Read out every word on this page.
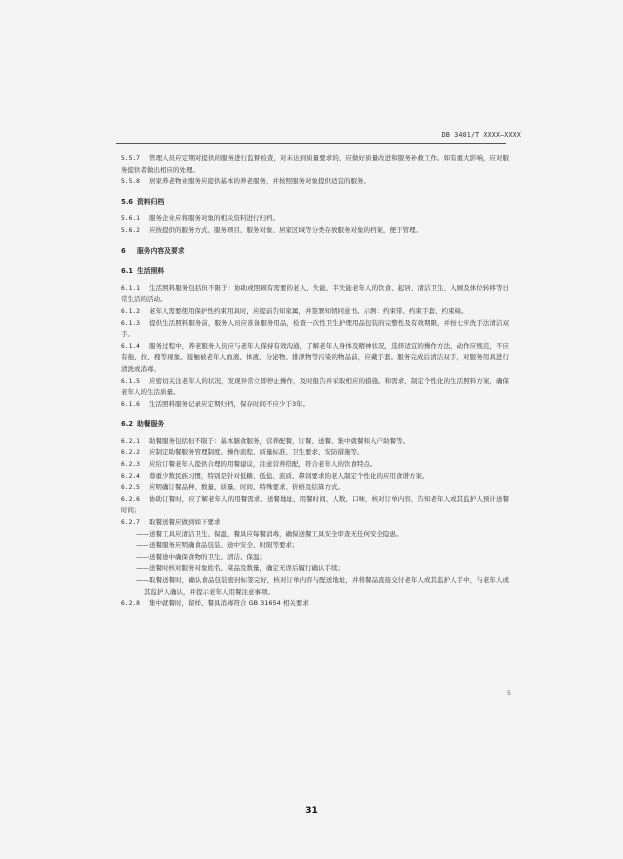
DB 3401/T XXXX—XXXX

5.5.7 管理人员应定期对提供的服务进行监督检查，对未达到质量要求的，应做好质量改进和服务补救工作。如有重大影响，应对服务提供者做出相应的处理。

5.5.8 居家养老物业服务应提供基本的养老服务，并按照服务对象提供适宜的服务。

5.6 资料归档

5.6.1 服务企业应将服务对象的相关资料进行归档。

5.6.2 应按提供的服务方式、服务项目、服务对象、居家区域等分类存放服务对象的档案，便于管理。

6 服务内容及要求
6.1 生活照料

6.1.1 生活照料服务包括但不限于：协助或照顾有需要的老人、失能、半失能老年人的饮食、起居、清洁卫生、入厕及体位转移等日常生活的活动。

6.1.2 老年人需要使用保护性约束用具时，应提前告知家属，并签署知情同意书。示例：约束带、约束手套、约束椅。

6.1.3 提供生活照料服务前，服务人员应准备服务用品，检查一次性卫生护理用品包装的完整性及有效期限，并按七步洗手法清洁双手。

6.1.4 服务过程中，养老服务人员应与老年人保持有效沟通，了解老年人身体及精神状况，选择适宜的操作方法，动作应规范，不应有拖、拉、拽等现象。接触被老年人血液、体液、分泌物、排泄物等污染的物品前，应戴手套。服务完成后清洁双手，对服务用具进行清洗或消毒。

6.1.5 应密切关注老年人的状况，发现异常立即停止操作，及时报告并采取相应的措施。和需求，制定个性化的生活照料方案，确保老年人的生活质量。

6.1.6 生活照料服务记录应定期归档，保存时间不应少于3年。

6.2 助餐服务

6.2.1 助餐服务包括但不限于：基本膳食服务，营养配餐，订餐、送餐、集中就餐和入户助餐等。

6.2.2 应制定助餐服务管理制度、操作流程、质量标准、卫生要求、安防措施等。

6.2.3 应给订餐老年人提供合理的用餐建议，注意营养搭配，符合老年人的饮食特点。

6.2.4 尊重少数民族习惯，特别是针对低糖、低盐、流质、鼻饲要求的老人制定个性化的应用食谱方案。

6.2.5 应明确订餐品种、数量、质量、时间、特殊要求、价格及结算方式。

6.2.6 协助订餐时，应了解老年人的用餐需求、送餐地址、用餐时间、人数、口味，核对订单内容，告知老年人或其监护人预计送餐时间；

6.2.7 取餐送餐应做到如下要求

——送餐工具应清洁卫生、保温，餐具应每餐消毒，确保送餐工具安全审查无任何安全隐患。

——送餐服务应明确食品包装、途中安全、时限等要求；

——送餐途中确保食物的卫生、清洁、保温；

——送餐时核对服务对象姓名、菜品及数量，确定无误后履行确认手续；

——取餐送餐时，确认食品包装密封标签完好，核对订单内容与配送地址，并将餐品直接交付老年人或其监护人手中，与老年人或其监护人确认，并提示老年人用餐注意事项。

6.2.8 集中就餐时，留样、餐具消毒符合 GB 31654 相关要求

5
31
